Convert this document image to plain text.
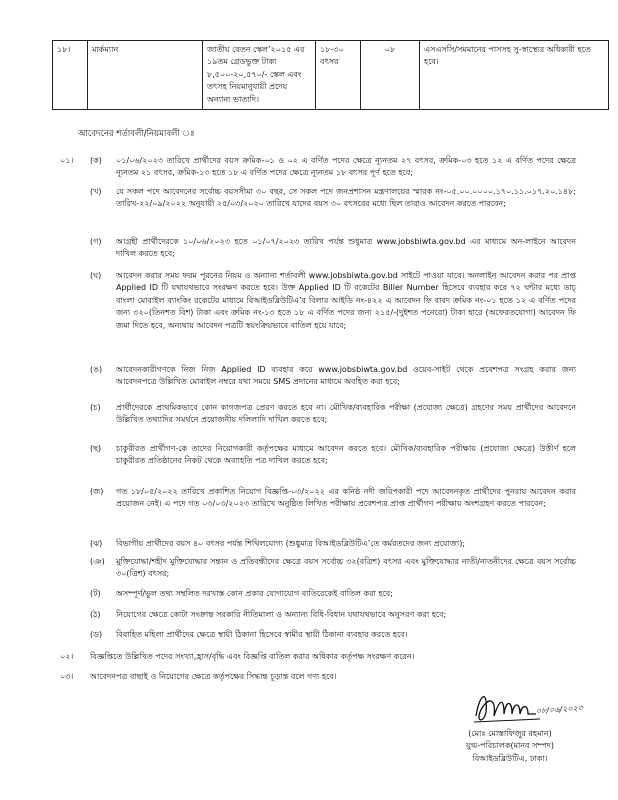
১৮।	মার্কম্যান	জাতীয় বেতন স্কেল’২০১৫ এর ১৯তম গ্রেডভুক্ত টাকা ৮,৫০০-২০,৫৭০/- স্কেল এবং তৎসহ নিয়মানুযায়ী প্রদেয় অন্যান্য ভাতাদি।	১৮-৩০ বৎসর	০৮	এসএসসি/সমমানের পাসসহ সু-স্বাস্থ্যের অধিকারী হতে হবে।
আবেদনের শর্তাবলী/নিয়মাবলী ঃ
০১। (ক) ০১/০৬/২০২৩ তারিখে প্রার্থীদের বয়স ক্রমিক-০১ ও ০২ এ বর্ণিত পদের ক্ষেত্রে ন্যূনতম ২৭ বৎসর, ক্রমিক-০৩ হতে ১২ এ বর্ণিত পদের ক্ষেত্রে ন্যূনতম ২১ বৎসর, ক্রমিক-১৩ হতে ১৮ এ বর্ণিত পদের ক্ষেত্রে ন্যূনতম ১৮ বৎসর পূর্ণ হতে হবে;
(খ) যে সকল পদে আবেদনের সর্বোচ্চ বয়সসীমা ৩০ বছর, সে সকল পদে জনপ্রশাসন মন্ত্রণালয়ের স্মারক নং-০৫.০০.০০০০.১৭০.১১.০১৭.২০.১৪৮; তারিখ-২২/০৯/২০২২ অনুযায়ী ২৫/০৩/২০২০ তারিখে যাদের বয়স ৩০ বৎসরের মধ্যে ছিল তারাও আবেদন করতে পারবেন;
(গ) আগ্রহী প্রার্থীদেরকে ১০/০৬/২০২৩ হতে ০১/০৭/২০২৩ তারিখ পর্যন্ত শুধুমাত্র www.jobsbiwta.gov.bd এর মাধ্যমে অন-লাইনে আবেদন দাখিল করতে হবে;
(ঘ) আবেদন করার সময় ফরম পূরনের নিয়ম ও অন্যান্য শর্তাবলী www.jobsbiwta.gov.bd সাইটে পাওয়া যাবে। অনলাইন আবেদন করার পর প্রাপ্ত Applied ID টি যথাযথভাবে সংরক্ষণ করতে হবে। উক্ত Applied ID টি রকেটের Biller Number হিসেবে ব্যবহার করে ৭২ ঘন্টার মধ্যে ডাচ্‌ বাংলা মোবাইল ব্যাংকিং রকেটের মাধ্যমে বিআইডব্লিউটিএ’র বিলার আইডি নং-৪২২ এ আবেদন ফি বাবদ ক্রমিক নং-০১ হতে ১২ এ বর্ণিত পদের জন্য ৩২০(তিনশত বিশ) টাকা এবং ক্রমিক নং-১৩ হতে ১৮ এ বর্ণিত পদের জন্য ২১৫/-(দুইশত পনেরো) টাকা হারে (অফেরতযোগ্য) আবেদন ফি জমা দিতে হবে, অন্যথায় আবেদন পত্রটি স্বয়ংক্রিয়ভাবে বাতিল হয়ে যাবে;
(ঙ) আবেদনকারীগণকে নিজ নিজ Applied ID ব্যবহার করে www.jobsbiwta.gov.bd ওয়েব-সাইট থেকে প্রবেশপত্র সংগ্রহ করার জন্য আবেদনপত্রে উল্লিখিত মোবাইল নম্বরে যথা সময়ে SMS প্রদানের মাধ্যমে অবহিত করা হবে;
(চ) প্রার্থীদেরকে প্রাথমিকভাবে কোন কাগজপত্র প্রেরণ করতে হবে না। মৌখিক/ব্যবহারিক পরীক্ষা (প্রযোজ্য ক্ষেত্রে) গ্রহণের সময় প্রার্থীদের আবেদনে উল্লিখিত তথ্যাদির সমর্থনে প্রয়োজনীয় দলিলাদি দাখিল করতে হবে;
(ছ) চাকুরীরত প্রার্থীগণ-কে তাদের নিয়োগকারী কর্তৃপক্ষের মাধ্যমে আবেদন করতে হবে। মৌখিক/ব্যবহারিক পরীক্ষায় (প্রযোজ্য ক্ষেত্রে) উত্তীর্ণ হলে চাকুরীরত প্রতিষ্ঠানের নিকট থেকে অব্যাহতি পত্র দাখিল করতে হবে;
(জ) গত ১৮/০৫/২০২২ তারিখে প্রকাশিত নিয়োগ বিজ্ঞপ্তি-০৩/২০২২ এর কনিষ্ঠ নদী জরিপকারী পদে আবেদনকৃত প্রার্থীদের পুনরায় আবেদন করার প্রয়োজন নেই। এ পদে গত ০৩/০৩/২০২৩ তারিখে অনুষ্ঠিত লিখিত পরীক্ষায় প্রবেশপত্র প্রাপ্ত প্রার্থীগণ পরীক্ষায় অংশগ্রহণ করতে পারবেন;
(ঝ) বিভাগীয় প্রার্থীদের বয়স ৪০ বৎসর পর্যন্ত শিথিলযোগ্য (শুধুমাত্র বিআইডব্লিউটিএ’তে কর্মরতদের জন্য প্রযোজ্য);
(ঞ) মুক্তিযোদ্ধা/শহীদ মুক্তিযোদ্ধার সন্তান ও প্রতিবন্ধীদের ক্ষেত্রে বয়স সর্বোচ্চ ৩২(বত্রিশ) বৎসর এবং মুক্তিযোদ্ধার নাতী/নাতনীদের ক্ষেত্রে বয়স সর্বোচ্চ ৩০(ত্রিশ) বৎসর;
(ট) অসম্পূর্ণ/ভুল তথ্য সম্বলিত দরখাস্ত কোন প্রকার যোগাযোগ ব্যতিরেকেই বাতিল করা হবে;
(ঠ) নিয়োগের ক্ষেত্রে কোটা সংক্রান্ত সরকারি নীতিমালা ও অন্যান্য বিধি-বিধান যথাযথভাবে অনুসরণ করা হবে;
(ড) বিবাহিত মহিলা প্রার্থীদের ক্ষেত্রে স্থায়ী ঠিকানা হিসেবে স্বামীর স্থায়ী ঠিকানা ব্যবহার করতে হবে।
০২। বিজ্ঞপ্তিতে উল্লিখিত পদের সংখ্যা,হ্রাস/বৃদ্ধি এবং বিজ্ঞপ্তি বাতিল করার অধিকার কর্তৃপক্ষ সংরক্ষণ করেন।
০৩। আবেদনপত্র বাছাই ও নিয়োগের ক্ষেত্রে কর্তৃপক্ষের সিদ্ধান্ত চূড়ান্ত বলে গণ্য হবে।
০৮/০৬/২০২৩
(মোঃ মোস্তাফিজুর রহমান)
যুগ্ম-পরিচালক(মানব সম্পদ)
বিআইডব্লিউটিএ, ঢাকা।
